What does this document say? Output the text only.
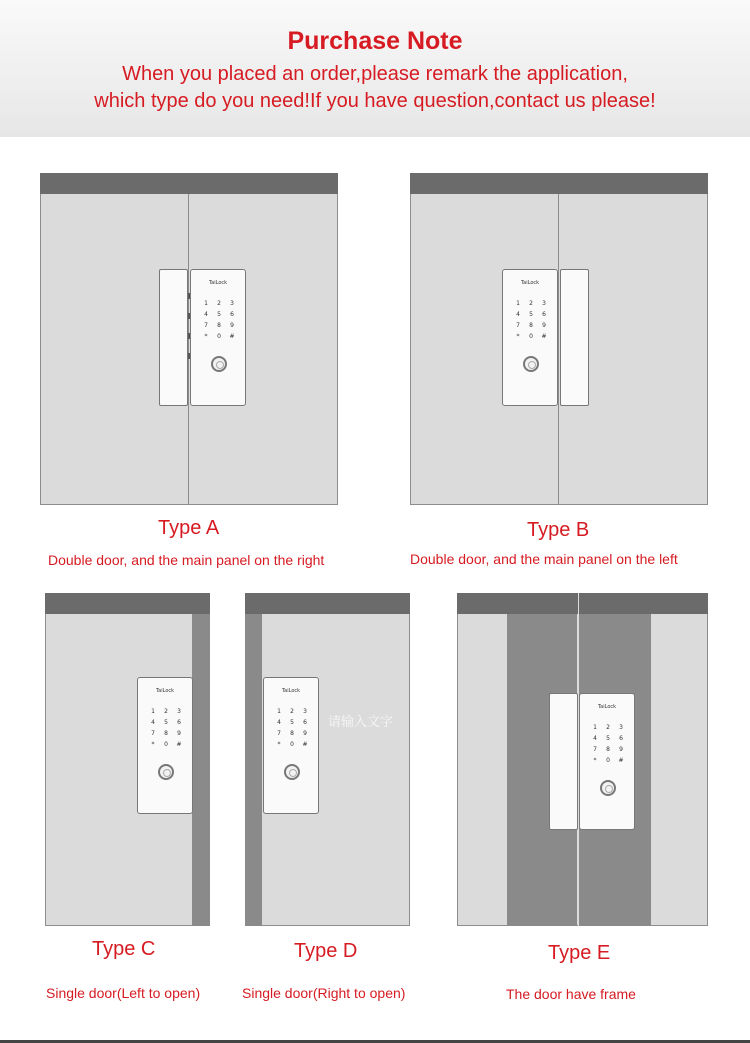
Purchase Note
When you placed an order,please remark the application,
which type do you need!If you have question,contact us please!
TaiLock
1	2	3
4	5	6
7	8	9
*	0	#
TaiLock
1	2	3
4	5	6
7	8	9
*	0	#
TaiLock
1	2	3
4	5	6
7	8	9
*	0	#
TaiLock
1	2	3
4	5	6
7	8	9
*	0	#
请输入文字
TaiLock
1	2	3
4	5	6
7	8	9
*	0	#
Type A
Double door, and the main panel on the right
Type B
Double door, and the main panel on the left
Type C
Single door(Left to open)
Type D
Single door(Right to open)
Type E
The door have frame
